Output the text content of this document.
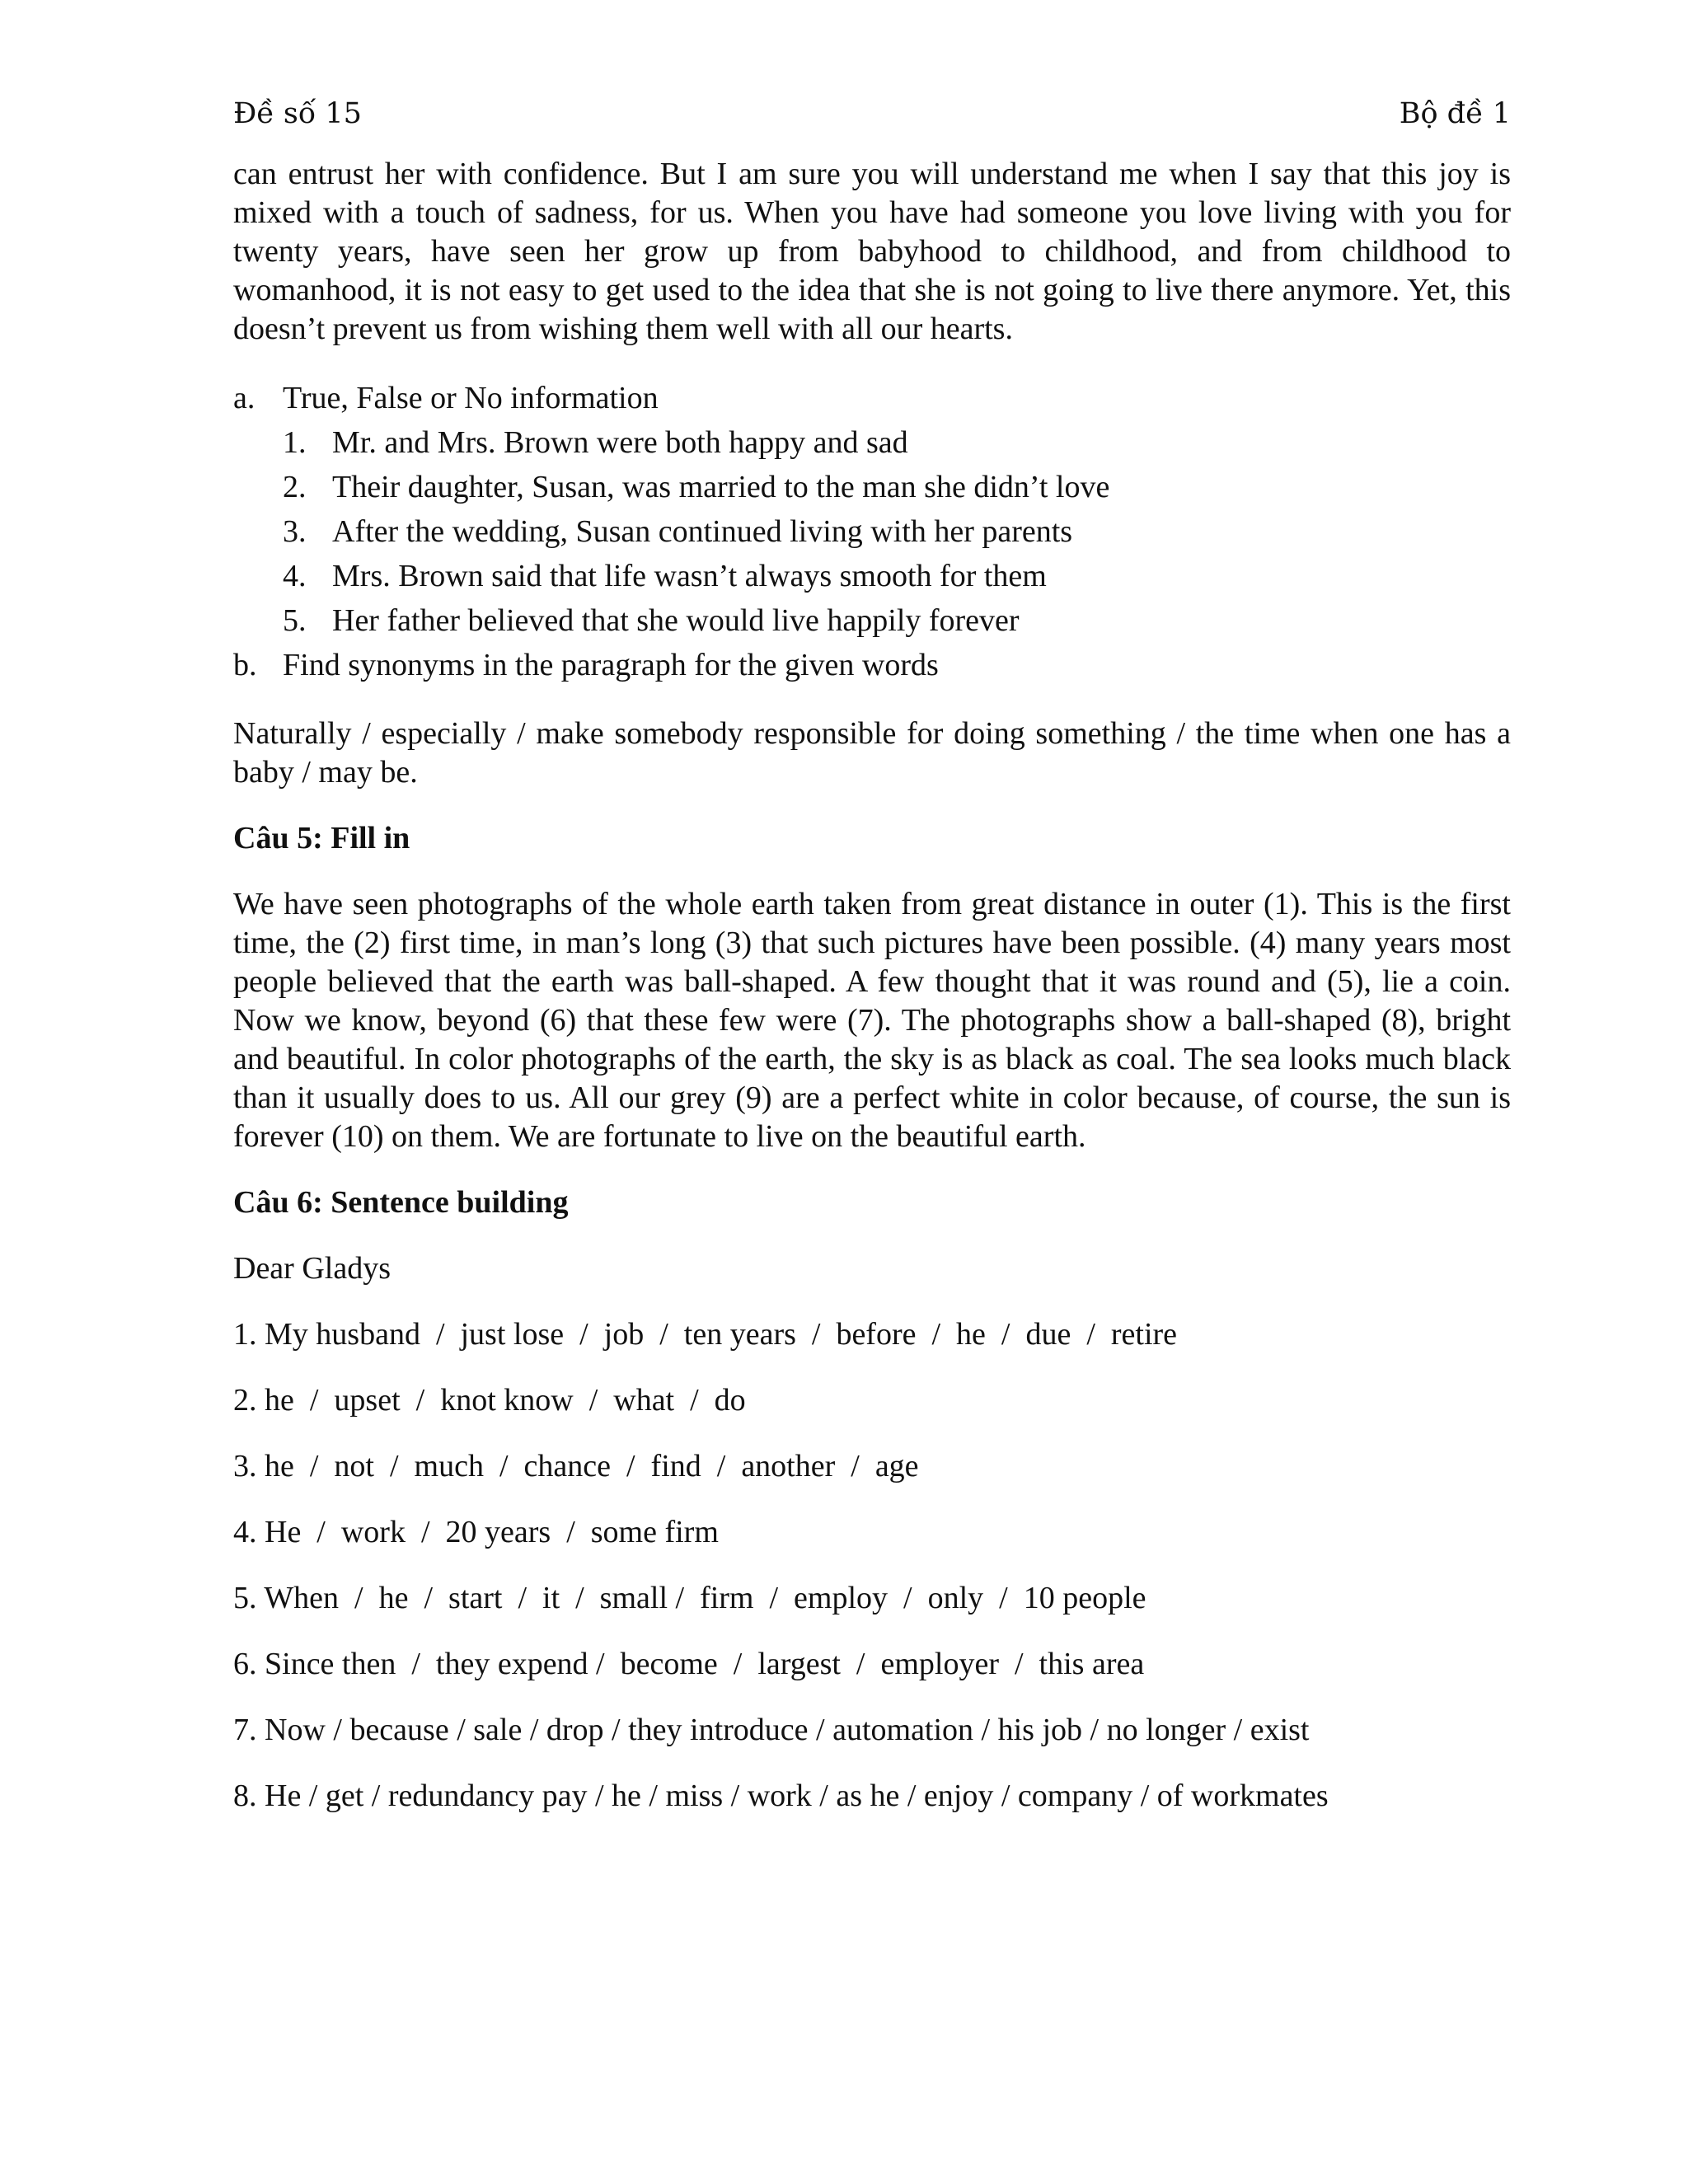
Đề số 15	Bộ đề 1

can entrust her with confidence. But I am sure you will understand me when I say that this joy is mixed with a touch of sadness, for us. When you have had someone you love living with you for twenty years, have seen her grow up from babyhood to childhood, and from childhood to womanhood, it is not easy to get used to the idea that she is not going to live there anymore. Yet, this doesn’t prevent us from wishing them well with all our hearts.

a. True, False or No information
1. Mr. and Mrs. Brown were both happy and sad
2. Their daughter, Susan, was married to the man she didn’t love
3. After the wedding, Susan continued living with her parents
4. Mrs. Brown said that life wasn’t always smooth for them
5. Her father believed that she would live happily forever
b. Find synonyms in the paragraph for the given words

Naturally / especially / make somebody responsible for doing something / the time when one has a baby / may be.

Câu 5: Fill in

We have seen photographs of the whole earth taken from great distance in outer (1). This is the first time, the (2) first time, in man’s long (3) that such pictures have been possible. (4) many years most people believed that the earth was ball-shaped. A few thought that it was round and (5), lie a coin. Now we know, beyond (6) that these few were (7). The photographs show a ball-shaped (8), bright and beautiful. In color photographs of the earth, the sky is as black as coal. The sea looks much black than it usually does to us. All our grey (9) are a perfect white in color because, of course, the sun is forever (10) on them. We are fortunate to live on the beautiful earth.

Câu 6: Sentence building

Dear Gladys

1. My husband  /  just lose  /  job  /  ten years  /  before  /  he  /  due  /  retire

2. he  /  upset  /  knot know  /  what  /  do

3. he  /  not  /  much  /  chance  /  find  /  another  /  age

4. He  /  work  /  20 years  /  some firm

5. When  /  he  /  start  /  it  /  small /  firm  /  employ  /  only  /  10 people

6. Since then  /  they expend /  become  /  largest  /  employer  /  this area

7. Now / because / sale / drop / they introduce / automation / his job / no longer / exist

8. He / get / redundancy pay / he / miss / work / as he / enjoy / company / of workmates
